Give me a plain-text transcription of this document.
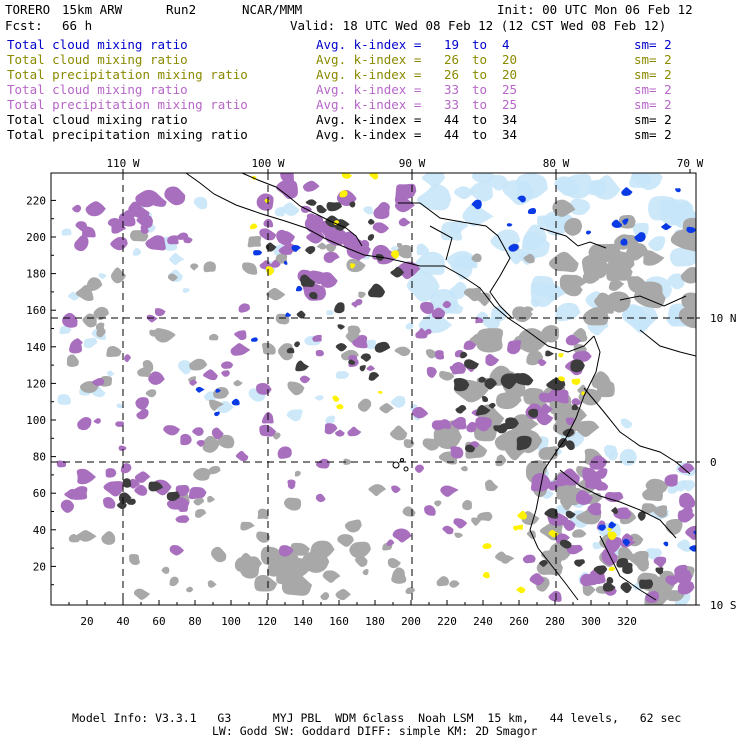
TORERO 15km ARW	Run2	NCAR/MMM	Init: 00 UTC Mon 06 Feb 12
Fcst: 66 h	Valid: 18 UTC Wed 08 Feb 12 (12 CST Wed 08 Feb 12)
Total cloud mixing ratio	Avg. k-index = 19 to 4	sm= 2
Total cloud mixing ratio	Avg. k-index = 26 to 20	sm= 2
Total precipitation mixing ratio	Avg. k-index = 26 to 20	sm= 2
Total cloud mixing ratio	Avg. k-index = 33 to 25	sm= 2
Total precipitation mixing ratio	Avg. k-index = 33 to 25	sm= 2
Total cloud mixing ratio	Avg. k-index = 44 to 34	sm= 2
Total precipitation mixing ratio	Avg. k-index = 44 to 34	sm= 2
110 W	100 W	90 W	80 W	70 W
10 N
0
10 S
20 40 60 80 100 120 140 160 180 200 220 240 260 280 300 320
220
200
180
160
140
120
100
80
60
40
20
Model Info: V3.3.1   G3      MYJ PBL  WDM 6class  Noah LSM  15 km,   44 levels,   62 sec
LW: Godd SW: Goddard DIFF: simple KM: 2D Smagor
